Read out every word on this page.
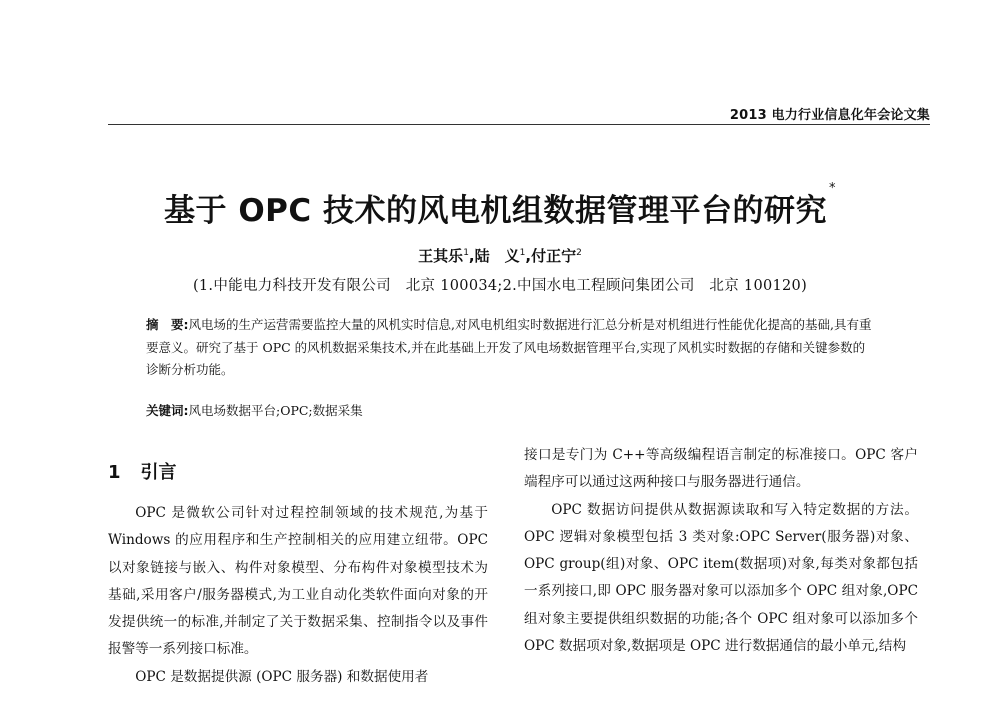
2013 电力行业信息化年会论文集
基于 OPC 技术的风电机组数据管理平台的研究*
王其乐$^1$,陆　义$^1$,付正宁$^2$
(1.中能电力科技开发有限公司　北京 100034;2.中国水电工程顾问集团公司　北京 100120)
摘　要:风电场的生产运营需要监控大量的风机实时信息,对风电机组实时数据进行汇总分析是对机组进行性能优化提高的基础,具有重要意义。研究了基于 OPC 的风机数据采集技术,并在此基础上开发了风电场数据管理平台,实现了风机实时数据的存储和关键参数的诊断分析功能。
关键词:风电场数据平台;OPC;数据采集
1 引言

OPC 是微软公司针对过程控制领域的技术规范,为基于 Windows 的应用程序和生产控制相关的应用建立纽带。OPC 以对象链接与嵌入、构件对象模型、分布构件对象模型技术为基础,采用客户/服务器模式,为工业自动化类软件面向对象的开发提供统一的标准,并制定了关于数据采集、控制指令以及事件报警等一系列接口标准。

OPC 是数据提供源 (OPC 服务器) 和数据使用者

接口是专门为 C++等高级编程语言制定的标准接口。OPC 客户端程序可以通过这两种接口与服务器进行通信。

OPC 数据访问提供从数据源读取和写入特定数据的方法。OPC 逻辑对象模型包括 3 类对象:OPC Server(服务器)对象、OPC group(组)对象、OPC item(数据项)对象,每类对象都包括一系列接口,即 OPC 服务器对象可以添加多个 OPC 组对象,OPC 组对象主要提供组织数据的功能;各个 OPC 组对象可以添加多个 OPC 数据项对象,数据项是 OPC 进行数据通信的最小单元,结构
